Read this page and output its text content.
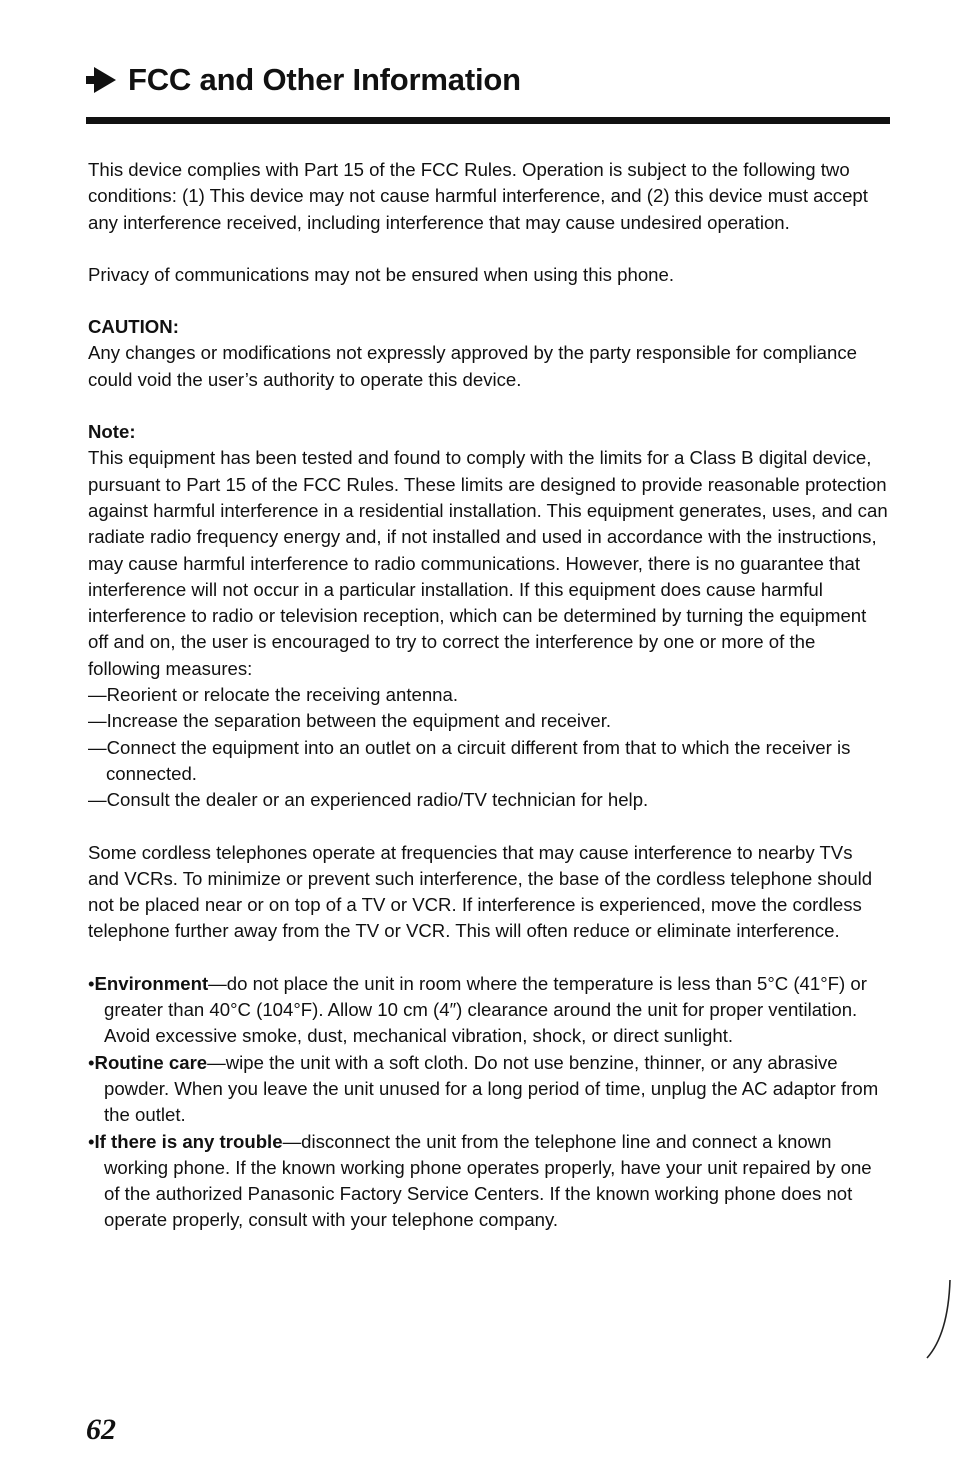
FCC and Other Information

This device complies with Part 15 of the FCC Rules. Operation is subject to the following two conditions: (1) This device may not cause harmful interference, and (2) this device must accept any interference received, including interference that may cause undesired operation.

Privacy of communications may not be ensured when using this phone.

CAUTION:

Any changes or modifications not expressly approved by the party responsible for compliance could void the user’s authority to operate this device.

Note:

This equipment has been tested and found to comply with the limits for a Class B digital device, pursuant to Part 15 of the FCC Rules. These limits are designed to provide reasonable protection against harmful interference in a residential installation. This equipment generates, uses, and can radiate radio frequency energy and, if not installed and used in accordance with the instructions, may cause harmful interference to radio communications. However, there is no guarantee that interference will not occur in a particular installation. If this equipment does cause harmful interference to radio or television reception, which can be determined by turning the equipment off and on, the user is encouraged to try to correct the interference by one or more of the following measures:

—Reorient or relocate the receiving antenna.

—Increase the separation between the equipment and receiver.

—Connect the equipment into an outlet on a circuit different from that to which the receiver is connected.

—Consult the dealer or an experienced radio/TV technician for help.

Some cordless telephones operate at frequencies that may cause interference to nearby TVs and VCRs. To minimize or prevent such interference, the base of the cordless telephone should not be placed near or on top of a TV or VCR. If interference is experienced, move the cordless telephone further away from the TV or VCR. This will often reduce or eliminate interference.

•Environment—do not place the unit in room where the temperature is less than 5°C (41°F) or greater than 40°C (104°F). Allow 10 cm (4″) clearance around the unit for proper ventilation. Avoid excessive smoke, dust, mechanical vibration, shock, or direct sunlight.

•Routine care—wipe the unit with a soft cloth. Do not use benzine, thinner, or any abrasive powder. When you leave the unit unused for a long period of time, unplug the AC adaptor from the outlet.

•If there is any trouble—disconnect the unit from the telephone line and connect a known working phone. If the known working phone operates properly, have your unit repaired by one of the authorized Panasonic Factory Service Centers. If the known working phone does not operate properly, consult with your telephone company.

62
